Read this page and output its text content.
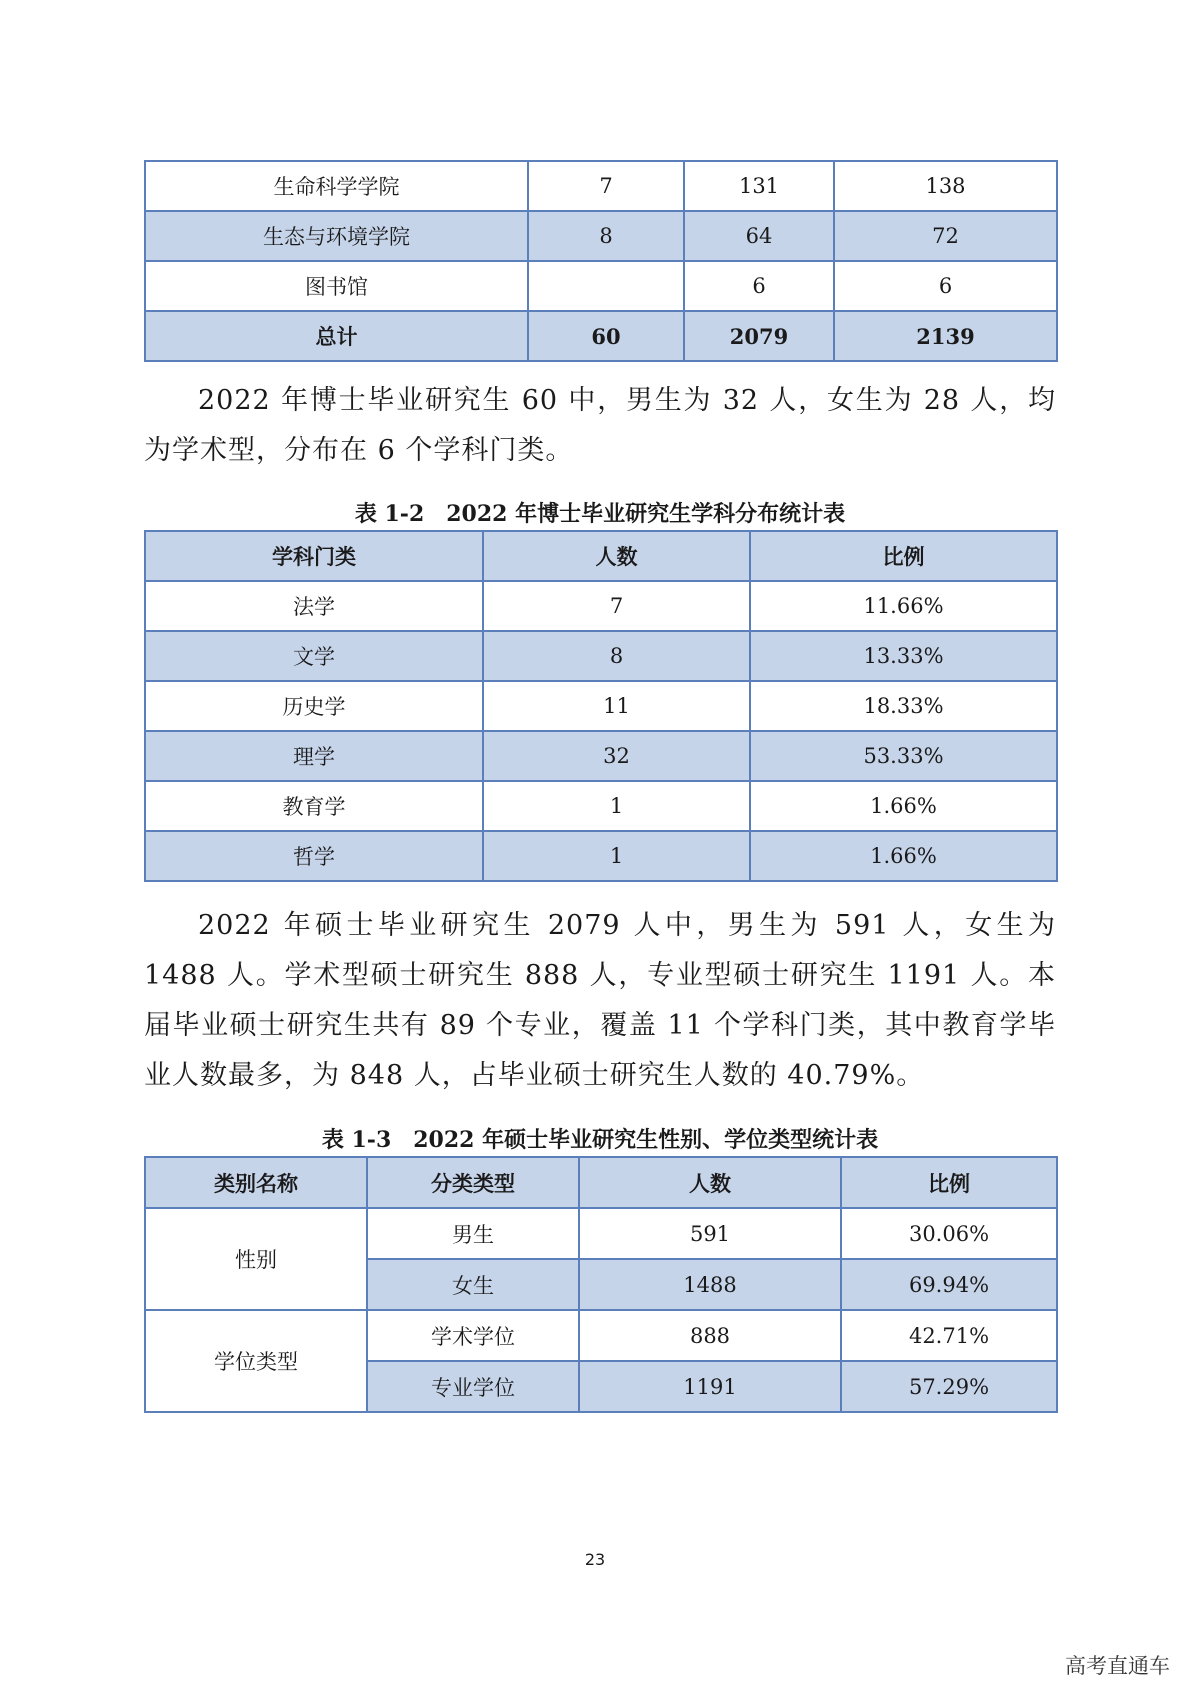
生命科学学院	7	131	138
生态与环境学院	8	64	72
图书馆		6	6
总计	60	2079	2139

2022 年博士毕业研究生 60 中，男生为 32 人，女生为 28 人，均为学术型，分布在 6 个学科门类。

表 1-2　2022 年博士毕业研究生学科分布统计表
学科门类	人数	比例
法学	7	11.66%
文学	8	13.33%
历史学	11	18.33%
理学	32	53.33%
教育学	1	1.66%
哲学	1	1.66%

2022 年硕士毕业研究生 2079 人中，男生为 591 人，女生为 1488 人。学术型硕士研究生 888 人，专业型硕士研究生 1191 人。本届毕业硕士研究生共有 89 个专业，覆盖 11 个学科门类，其中教育学毕业人数最多，为 848 人，占毕业硕士研究生人数的 40.79%。

表 1-3　2022 年硕士毕业研究生性别、学位类型统计表
类别名称	分类类型	人数	比例
性别	男生	591	30.06%
	女生	1488	69.94%
学位类型	学术学位	888	42.71%
	专业学位	1191	57.29%
23
高考直通车
